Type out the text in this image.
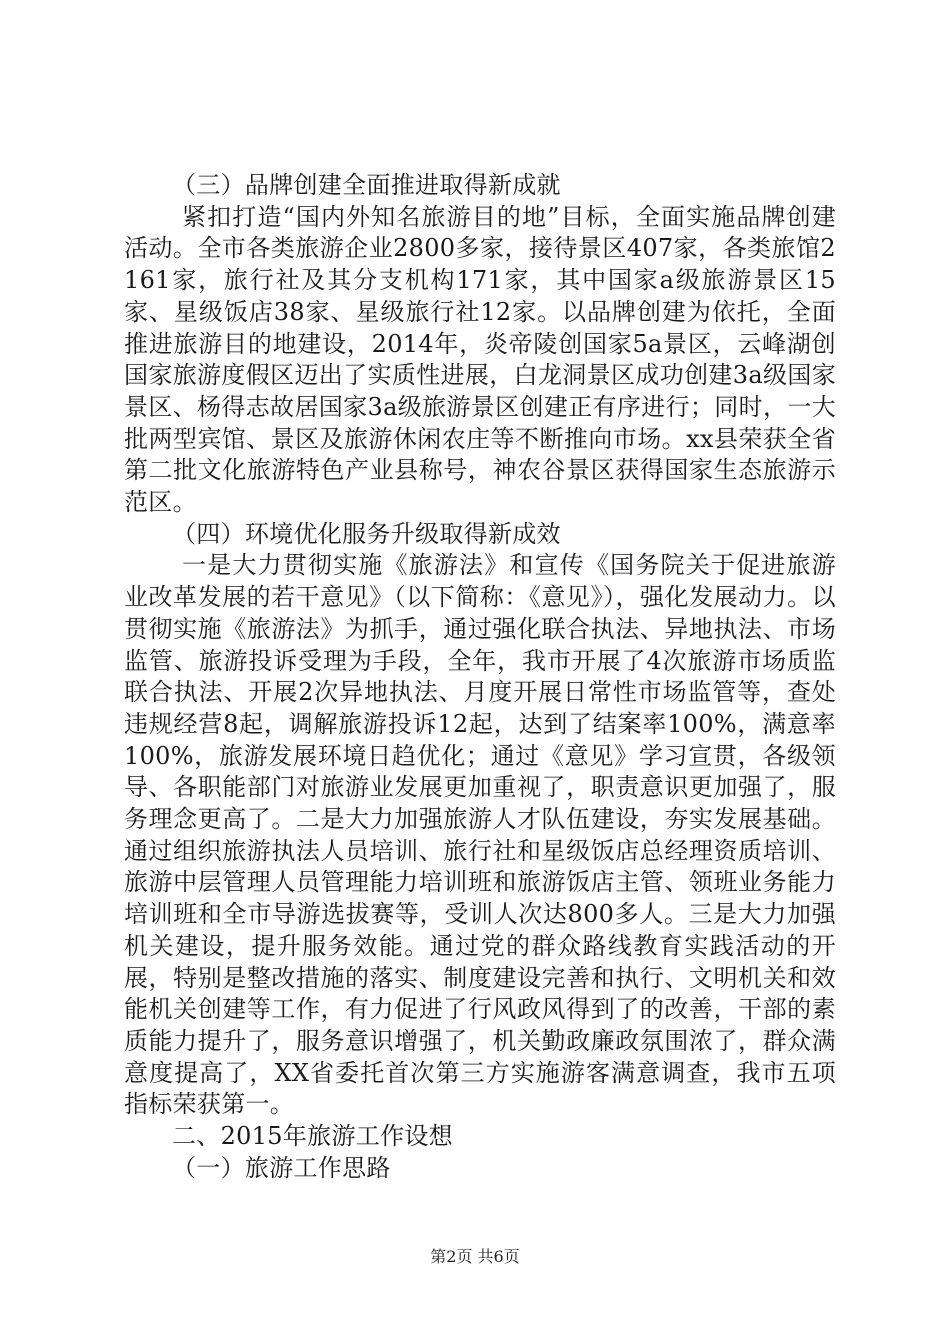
（三）品牌创建全面推进取得新成就

紧扣打造“国内外知名旅游目的地”目标，全面实施品牌创建活动。全市各类旅游企业2800多家，接待景区407家，各类旅馆2161家，旅行社及其分支机构171家，其中国家a级旅游景区15家、星级饭店38家、星级旅行社12家。以品牌创建为依托，全面推进旅游目的地建设，2014年，炎帝陵创国家5a景区，云峰湖创国家旅游度假区迈出了实质性进展，白龙洞景区成功创建3a级国家景区、杨得志故居国家3a级旅游景区创建正有序进行；同时，一大批两型宾馆、景区及旅游休闲农庄等不断推向市场。xx县荣获全省第二批文化旅游特色产业县称号，神农谷景区获得国家生态旅游示范区。

（四）环境优化服务升级取得新成效

一是大力贯彻实施《旅游法》和宣传《国务院关于促进旅游业改革发展的若干意见》（以下简称：《意见》），强化发展动力。以贯彻实施《旅游法》为抓手，通过强化联合执法、异地执法、市场监管、旅游投诉受理为手段，全年，我市开展了4次旅游市场质监联合执法、开展2次异地执法、月度开展日常性市场监管等，查处违规经营8起，调解旅游投诉12起，达到了结案率100%，满意率100%，旅游发展环境日趋优化；通过《意见》学习宣贯，各级领导、各职能部门对旅游业发展更加重视了，职责意识更加强了，服务理念更高了。二是大力加强旅游人才队伍建设，夯实发展基础。通过组织旅游执法人员培训、旅行社和星级饭店总经理资质培训、旅游中层管理人员管理能力培训班和旅游饭店主管、领班业务能力培训班和全市导游选拔赛等，受训人次达800多人。三是大力加强机关建设，提升服务效能。通过党的群众路线教育实践活动的开展，特别是整改措施的落实、制度建设完善和执行、文明机关和效能机关创建等工作，有力促进了行风政风得到了的改善，干部的素质能力提升了，服务意识增强了，机关勤政廉政氛围浓了，群众满意度提高了，XX省委托首次第三方实施游客满意调查，我市五项指标荣获第一。

二、2015年旅游工作设想

（一）旅游工作思路

第2页 共6页
